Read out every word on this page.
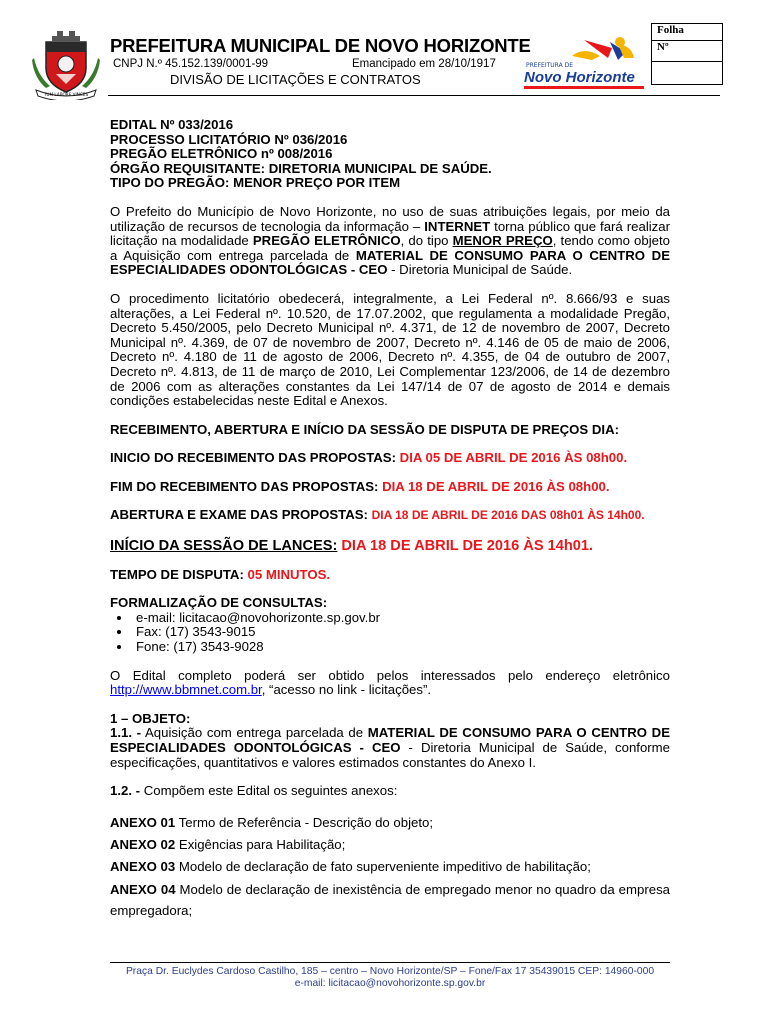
TUM LABORE VINCES
PREFEITURA MUNICIPAL DE NOVO HORIZONTE
CNPJ N.º 45.152.139/0001-99	Emancipado em 28/10/1917
DIVISÃO DE LICITAÇÕES E CONTRATOS
PREFEITURA DE
Novo Horizonte
Folha
Nº

EDITAL Nº 033/2016

PROCESSO LICITATÓRIO Nº 036/2016

PREGÃO ELETRÔNICO nº 008/2016

ÓRGÃO REQUISITANTE: DIRETORIA MUNICIPAL DE SAÚDE.

TIPO DO PREGÃO: MENOR PREÇO POR ITEM

O Prefeito do Município de Novo Horizonte, no uso de suas atribuições legais, por meio da utilização de recursos de tecnologia da informação – INTERNET torna público que fará realizar licitação na modalidade PREGÃO ELETRÔNICO, do tipo MENOR PREÇO, tendo como objeto a Aquisição com entrega parcelada de MATERIAL DE CONSUMO PARA O CENTRO DE ESPECIALIDADES ODONTOLÓGICAS - CEO - Diretoria Municipal de Saúde.

O procedimento licitatório obedecerá, integralmente, a Lei Federal nº. 8.666/93 e suas alterações, a Lei Federal nº. 10.520, de 17.07.2002, que regulamenta a modalidade Pregão, Decreto 5.450/2005, pelo Decreto Municipal nº. 4.371, de 12 de novembro de 2007, Decreto Municipal nº. 4.369, de 07 de novembro de 2007, Decreto nº. 4.146 de 05 de maio de 2006, Decreto nº. 4.180 de 11 de agosto de 2006, Decreto nº. 4.355, de 04 de outubro de 2007, Decreto nº. 4.813, de 11 de março de 2010, Lei Complementar 123/2006, de 14 de dezembro de 2006 com as alterações constantes da Lei 147/14 de 07 de agosto de 2014 e demais condições estabelecidas neste Edital e Anexos.

RECEBIMENTO, ABERTURA E INÍCIO DA SESSÃO DE DISPUTA DE PREÇOS DIA:

INICIO DO RECEBIMENTO DAS PROPOSTAS: DIA 05 DE ABRIL DE 2016 ÀS 08h00.

FIM DO RECEBIMENTO DAS PROPOSTAS: DIA 18 DE ABRIL DE 2016 ÀS 08h00.

ABERTURA E EXAME DAS PROPOSTAS: DIA 18 DE ABRIL DE 2016 DAS 08h01 ÀS 14h00.

INÍCIO DA SESSÃO DE LANCES: DIA 18 DE ABRIL DE 2016 ÀS 14h01.

TEMPO DE DISPUTA: 05 MINUTOS.

FORMALIZAÇÃO DE CONSULTAS:

• e-mail: licitacao@novohorizonte.sp.gov.br
• Fax: (17) 3543-9015
• Fone: (17) 3543-9028

O Edital completo poderá ser obtido pelos interessados pelo endereço eletrônico http://www.bbmnet.com.br, “acesso no link - licitações”.

1 – OBJETO:

1.1. - Aquisição com entrega parcelada de MATERIAL DE CONSUMO PARA O CENTRO DE ESPECIALIDADES ODONTOLÓGICAS - CEO - Diretoria Municipal de Saúde, conforme especificações, quantitativos e valores estimados constantes do Anexo I.

1.2. - Compõem este Edital os seguintes anexos:

ANEXO 01 Termo de Referência - Descrição do objeto;

ANEXO 02 Exigências para Habilitação;

ANEXO 03 Modelo de declaração de fato superveniente impeditivo de habilitação;

ANEXO 04 Modelo de declaração de inexistência de empregado menor no quadro da empresa empregadora;

Praça Dr. Euclydes Cardoso Castilho, 185 – centro – Novo Horizonte/SP – Fone/Fax 17 35439015 CEP: 14960-000
e-mail: licitacao@novohorizonte.sp.gov.br
